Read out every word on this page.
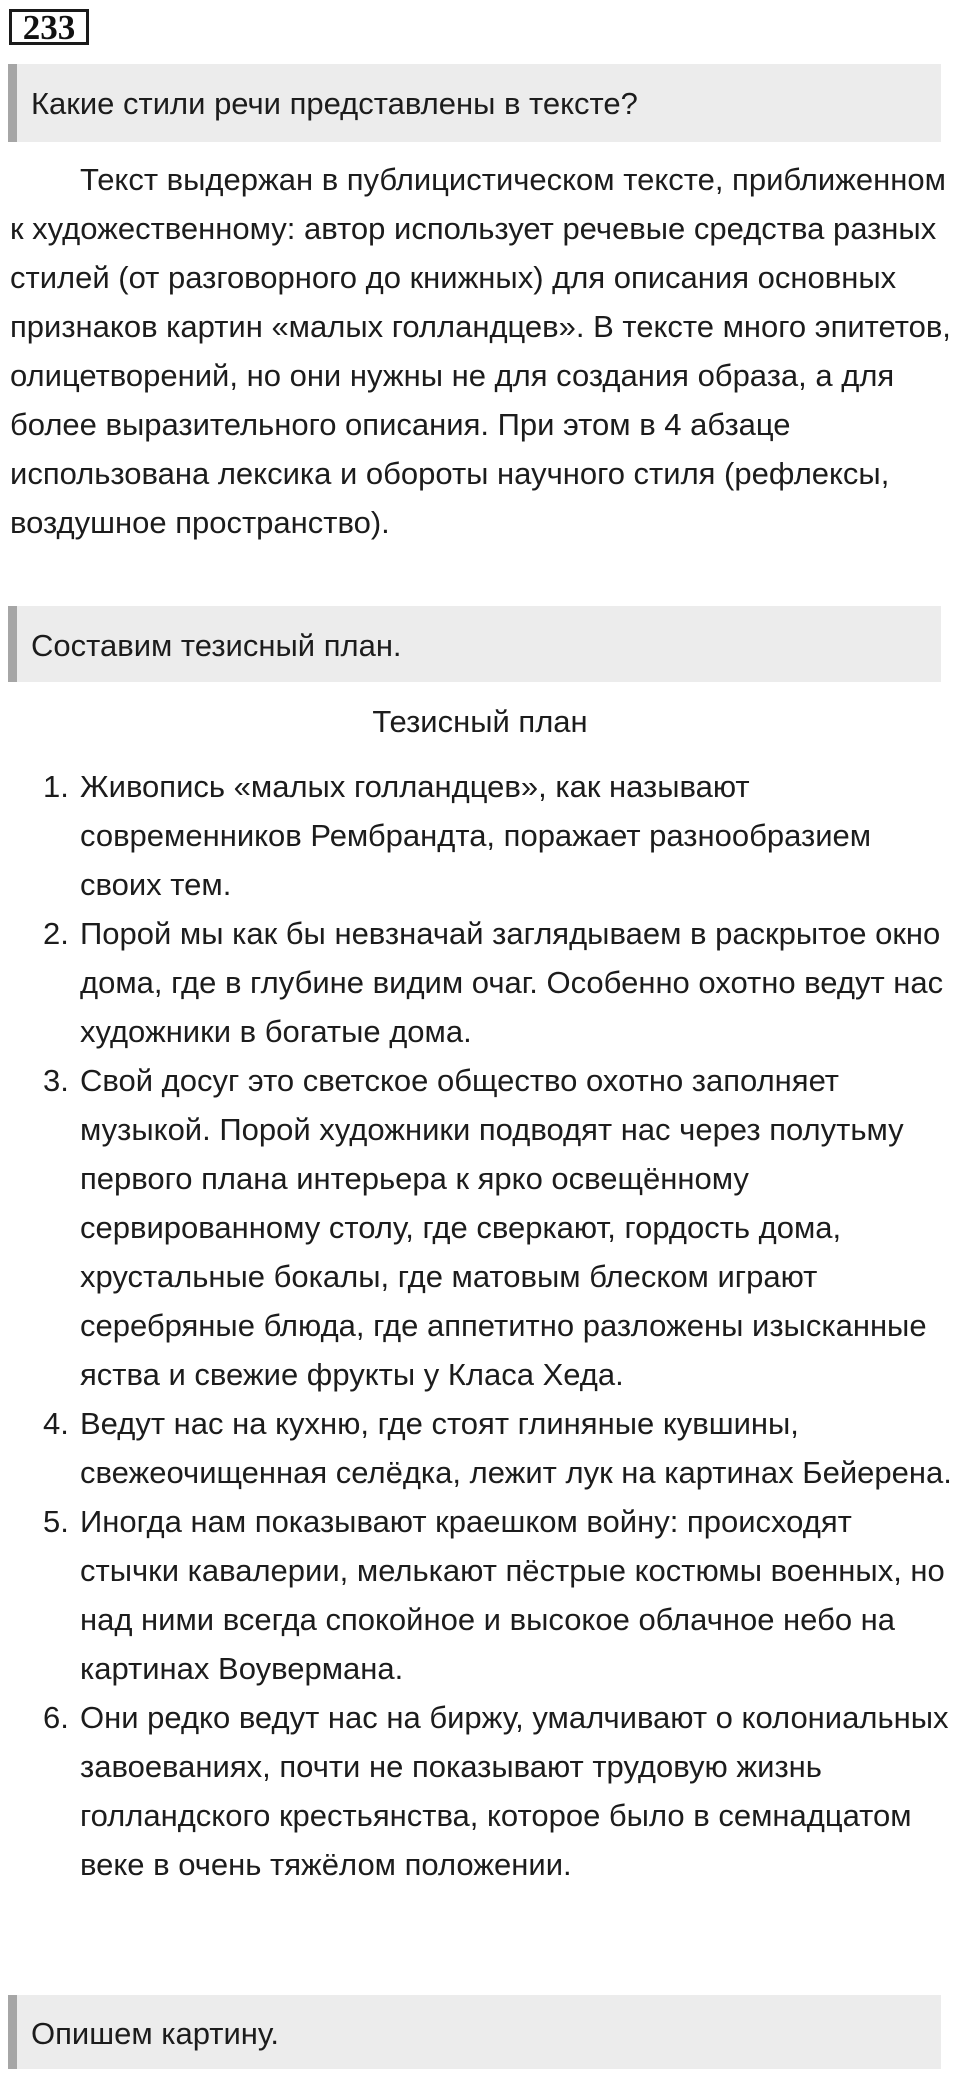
233
Какие стили речи представлены в тексте?

Текст выдержан в публицистическом тексте, приближенном к художественному: автор использует речевые средства разных стилей (от разговорного до книжных) для описания основных признаков картин «малых голландцев». В тексте много эпитетов, олицетворений, но они нужны не для создания образа, а для более выразительного описания. При этом в 4 абзаце использована лексика и обороты научного стиля (рефлексы, воздушное пространство).

Составим тезисный план.

Тезисный план

1. Живопись «малых голландцев», как называют современников Рембрандта, поражает разнообразием своих тем.
2. Порой мы как бы невзначай заглядываем в раскрытое окно дома, где в глубине видим очаг. Особенно охотно ведут нас художники в богатые дома.
3. Свой досуг это светское общество охотно заполняет музыкой. Порой художники подводят нас через полутьму первого плана интерьера к ярко освещённому сервированному столу, где сверкают, гордость дома, хрустальные бокалы, где матовым блеском играют серебряные блюда, где аппетитно разложены изысканные яства и свежие фрукты у Класа Хеда.
4. Ведут нас на кухню, где стоят глиняные кувшины, свежеочищенная селёдка, лежит лук на картинах Бейерена.
5. Иногда нам показывают краешком войну: происходят стычки кавалерии, мелькают пёстрые костюмы военных, но над ними всегда спокойное и высокое облачное небо на картинах Воувермана.
6. Они редко ведут нас на биржу, умалчивают о колониальных завоеваниях, почти не показывают трудовую жизнь голландского крестьянства, которое было в семнадцатом веке в очень тяжёлом положении.
Опишем картину.
